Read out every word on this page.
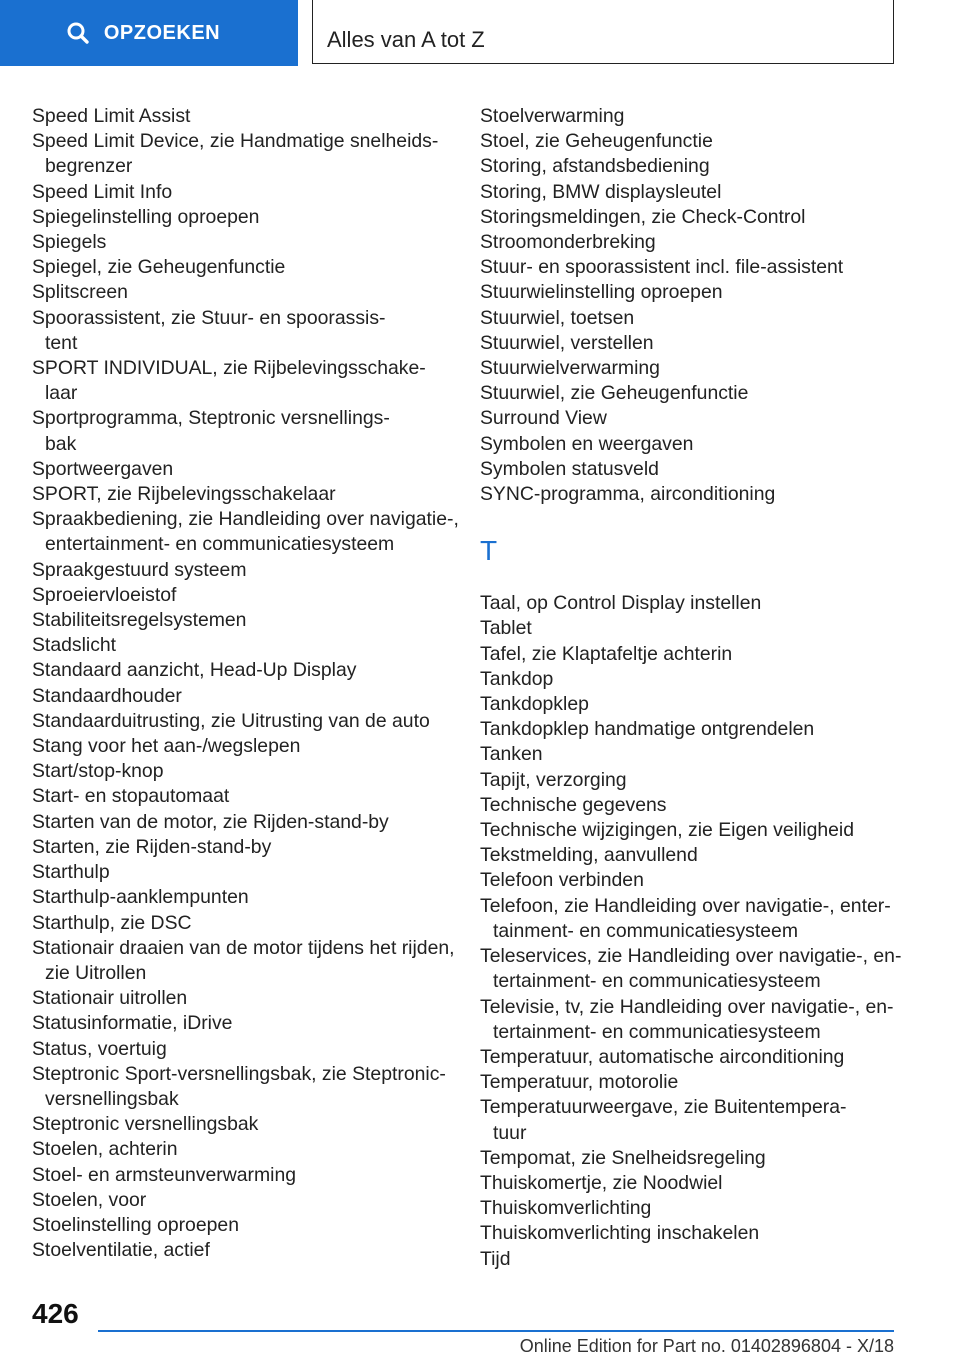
OPZOEKEN	Alles van A tot Z
Speed Limit Assist
Speed Limit Device, zie Handmatige snelheids-
begrenzer
Speed Limit Info
Spiegelinstelling oproepen
Spiegels
Spiegel, zie Geheugenfunctie
Splitscreen
Spoorassistent, zie Stuur- en spoorassis-
tent
SPORT INDIVIDUAL, zie Rijbelevingsschake-
laar
Sportprogramma, Steptronic versnellings-
bak
Sportweergaven
SPORT, zie Rijbelevingsschakelaar
Spraakbediening, zie Handleiding over navigatie-,
entertainment- en communicatiesysteem
Spraakgestuurd systeem
Sproeiervloeistof
Stabiliteitsregelsystemen
Stadslicht
Standaard aanzicht, Head-Up Display
Standaardhouder
Standaarduitrusting, zie Uitrusting van de auto
Stang voor het aan-/wegslepen
Start/stop-knop
Start- en stopautomaat
Starten van de motor, zie Rijden-stand-by
Starten, zie Rijden-stand-by
Starthulp
Starthulp-aanklempunten
Starthulp, zie DSC
Stationair draaien van de motor tijdens het rijden,
zie Uitrollen
Stationair uitrollen
Statusinformatie, iDrive
Status, voertuig
Steptronic Sport-versnellingsbak, zie Steptronic-
versnellingsbak
Steptronic versnellingsbak
Stoelen, achterin
Stoel- en armsteunverwarming
Stoelen, voor
Stoelinstelling oproepen
Stoelventilatie, actief
Stoelverwarming
Stoel, zie Geheugenfunctie
Storing, afstandsbediening
Storing, BMW displaysleutel
Storingsmeldingen, zie Check-Control
Stroomonderbreking
Stuur- en spoorassistent incl. file-assistent
Stuurwielinstelling oproepen
Stuurwiel, toetsen
Stuurwiel, verstellen
Stuurwielverwarming
Stuurwiel, zie Geheugenfunctie
Surround View
Symbolen en weergaven
Symbolen statusveld
SYNC-programma, airconditioning
T
Taal, op Control Display instellen
Tablet
Tafel, zie Klaptafeltje achterin
Tankdop
Tankdopklep
Tankdopklep handmatige ontgrendelen
Tanken
Tapijt, verzorging
Technische gegevens
Technische wijzigingen, zie Eigen veiligheid
Tekstmelding, aanvullend
Telefoon verbinden
Telefoon, zie Handleiding over navigatie-, enter-
tainment- en communicatiesysteem
Teleservices, zie Handleiding over navigatie-, en-
tertainment- en communicatiesysteem
Televisie, tv, zie Handleiding over navigatie-, en-
tertainment- en communicatiesysteem
Temperatuur, automatische airconditioning
Temperatuur, motorolie
Temperatuurweergave, zie Buitentempera-
tuur
Tempomat, zie Snelheidsregeling
Thuiskomertje, zie Noodwiel
Thuiskomverlichting
Thuiskomverlichting inschakelen
Tijd
426
Online Edition for Part no. 01402896804 - X/18
